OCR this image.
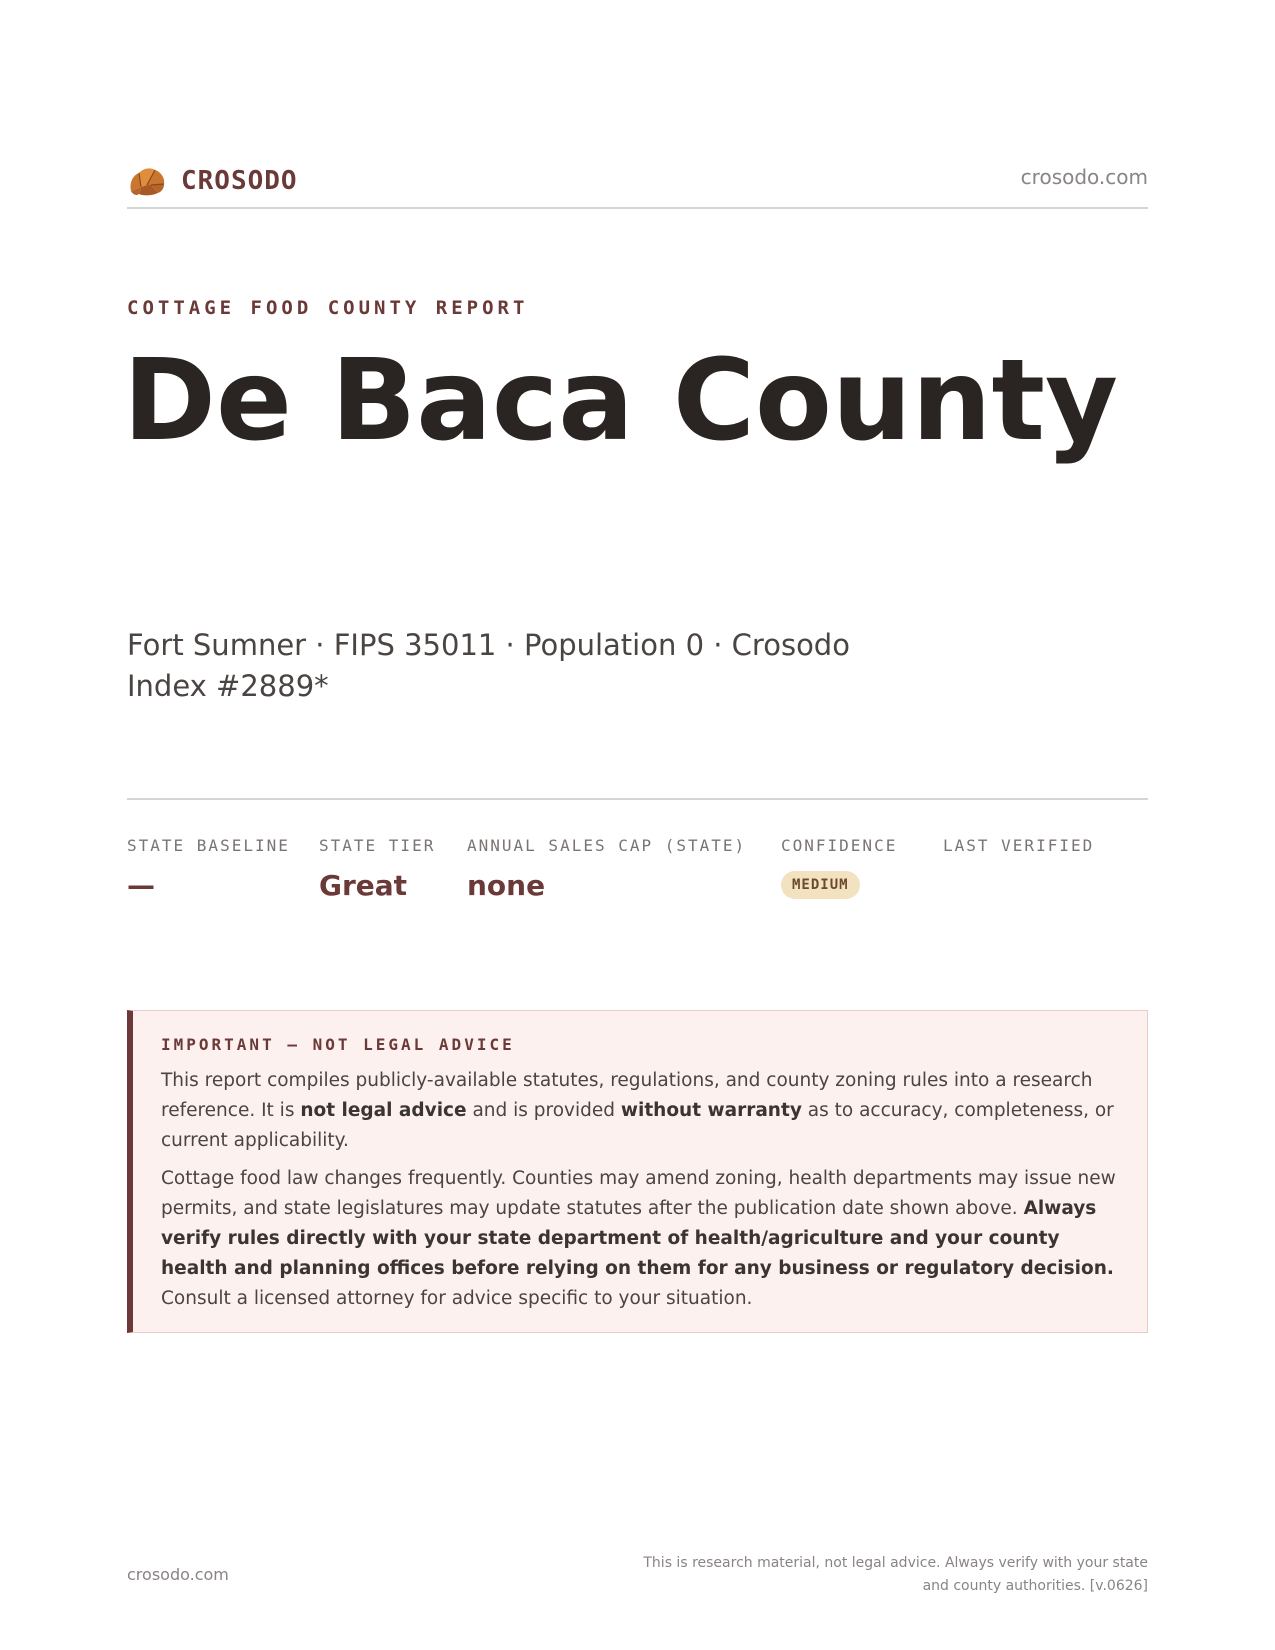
CROSODO	crosodo.com
COTTAGE FOOD COUNTY REPORT
De Baca County
Fort Sumner · FIPS 35011 · Population 0 · Crosodo Index #2889*
STATE BASELINE
—
STATE TIER
Great
ANNUAL SALES CAP (STATE)
none
CONFIDENCE
MEDIUM
LAST VERIFIED
IMPORTANT — NOT LEGAL ADVICE

This report compiles publicly-available statutes, regulations, and county zoning rules into a research reference. It is not legal advice and is provided without warranty as to accuracy, completeness, or current applicability.

Cottage food law changes frequently. Counties may amend zoning, health departments may issue new permits, and state legislatures may update statutes after the publication date shown above. Always verify rules directly with your state department of health/agriculture and your county health and planning offices before relying on them for any business or regulatory decision. Consult a licensed attorney for advice specific to your situation.

crosodo.com
This is research material, not legal advice. Always verify with your state
and county authorities. [v.0626]
